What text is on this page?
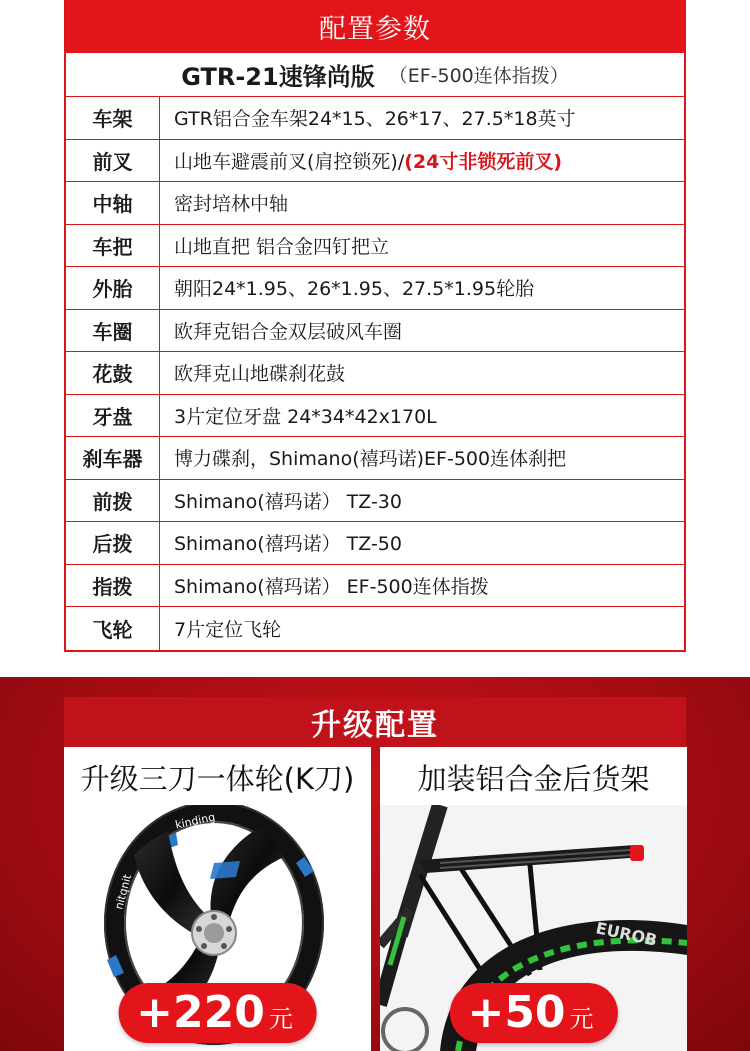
配置参数
GTR-21速锋尚版 （EF-500连体指拨）
车架	GTR铝合金车架24*15、26*17、27.5*18英寸
前叉	山地车避震前叉(肩控锁死)/ (24寸非锁死前叉)
中轴	密封培林中轴
车把	山地直把 铝合金四钉把立
外胎	朝阳24*1.95、26*1.95、27.5*1.95轮胎
车圈	欧拜克铝合金双层破风车圈
花鼓	欧拜克山地碟刹花鼓
牙盘	3片定位牙盘 24*34*42x170L
刹车器	博力碟刹，Shimano(禧玛诺)EF-500连体刹把
前拨	Shimano(禧玛诺） TZ-30
后拨	Shimano(禧玛诺） TZ-50
指拨	Shimano(禧玛诺） EF-500连体指拨
飞轮	7片定位飞轮
升级配置
升级三刀一体轮(K刀)
kinding
nitqnit
+220 元
加装铝合金后货架
EUROB
+50 元
